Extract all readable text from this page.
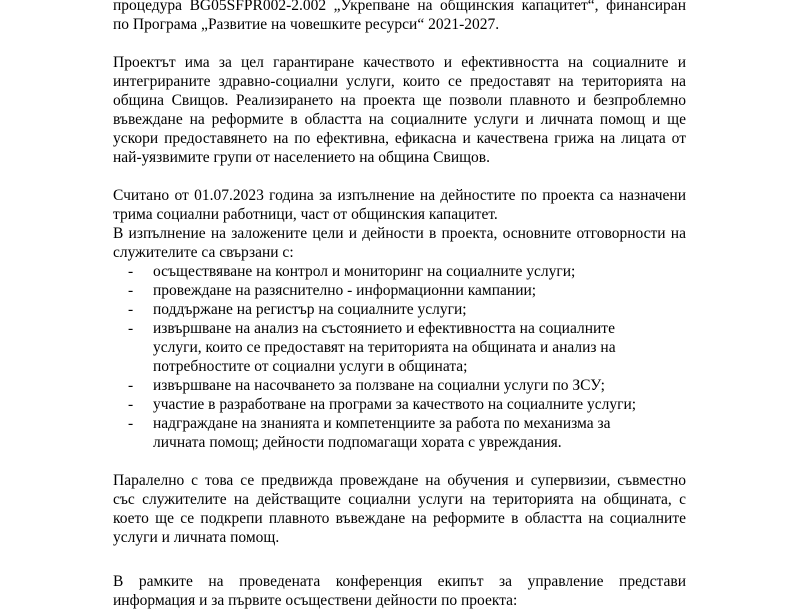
процедура BG05SFPR002-2.002 „Укрепване на общинския капацитет“, финансиран
по Програма „Развитие на човешките ресурси“ 2021-2027.

Проектът има за цел гарантиране качеството и ефективността на социалните и
интегрираните здравно-социални услуги, които се предоставят на територията на
община Свищов. Реализирането на проекта ще позволи плавното и безпроблемно
въвеждане на реформите в областта на социалните услуги и личната помощ и ще
ускори предоставянето на по ефективна, ефикасна и качествена грижа на лицата от
най-уязвимите групи от населението на община Свищов.

Считано от 01.07.2023 година за изпълнение на дейностите по проекта са назначени
трима социални работници, част от общинския капацитет.
В изпълнение на заложените цели и дейности в проекта, основните отговорности на
служителите са свързани с:

- осъществяване на контрол и мониторинг на социалните услуги;
- провеждане на разяснително - информационни кампании;
- поддържане на регистър на социалните услуги;
- извършване на анализ на състоянието и ефективността на социалните
услуги, които се предоставят на територията на общината и анализ на
потребностите от социални услуги в общината;
- извършване на насочването за ползване на социални услуги по ЗСУ;
- участие в разработване на програми за качеството на социалните услуги;
- надграждане на знанията и компетенциите за работа по механизма за
личната помощ; дейности подпомагащи хората с увреждания.

Паралелно с това се предвижда провеждане на обучения и супервизии, съвместно
със служителите на действащите социални услуги на територията на общината, с
което ще се подкрепи плавното въвеждане на реформите в областта на социалните
услуги и личната помощ.

В рамките на проведената конференция екипът за управление представи
информация и за първите осъществени дейности по проекта:
